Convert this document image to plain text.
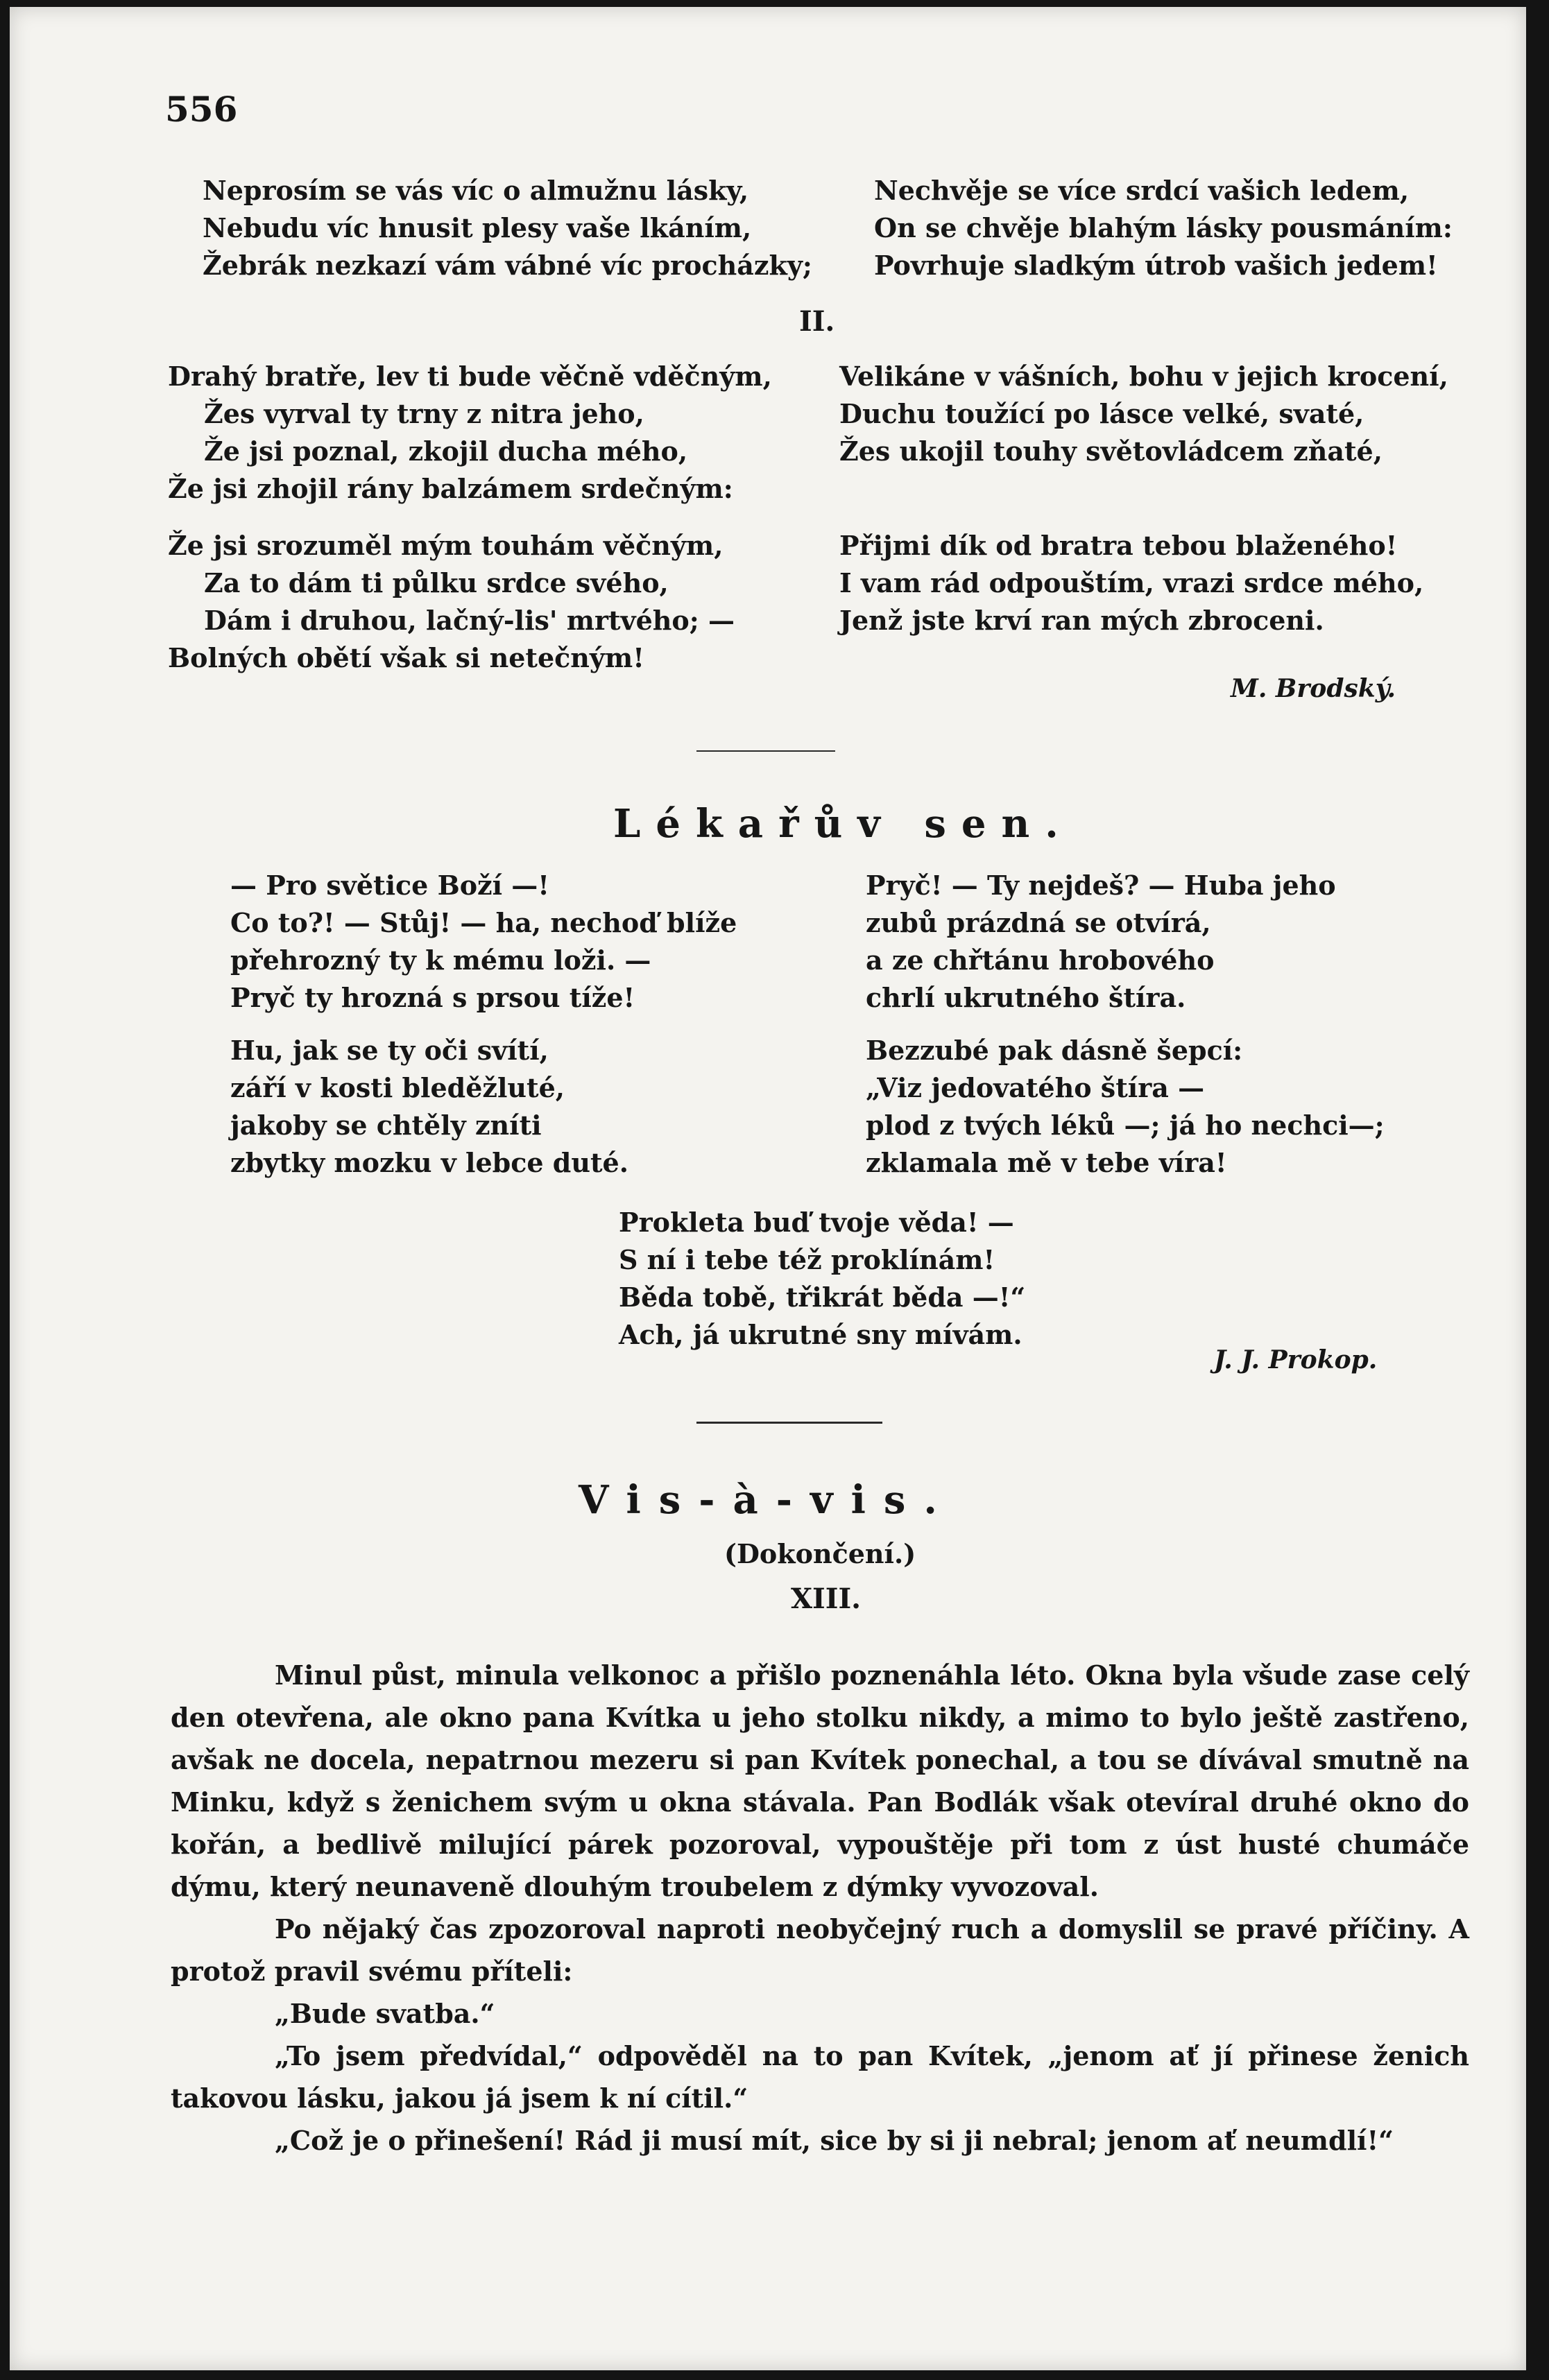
556
Neprosím se vás víc o almužnu lásky,
Nebudu víc hnusit plesy vaše lkáním,
Žebrák nezkazí vám vábné víc procházky;
Nechvěje se více srdcí vašich ledem,
On se chvěje blahým lásky pousmáním:
Povrhuje sladkým útrob vašich jedem!
II.
Drahý bratře, lev ti bude věčně vděčným,
Žes vyrval ty trny z nitra jeho,
Že jsi poznal, zkojil ducha mého,
Že jsi zhojil rány balzámem srdečným:
Že jsi srozuměl mým touhám věčným,
Za to dám ti půlku srdce svého,
Dám i druhou, lačný-lis' mrtvého; —
Bolných obětí však si netečným!
Velikáne v vášních, bohu v jejich krocení,
Duchu toužící po lásce velké, svaté,
Žes ukojil touhy světovládcem zňaté,
Přijmi dík od bratra tebou blaženého!
I vam rád odpouštím, vrazi srdce mého,
Jenž jste krví ran mých zbroceni.
M. Brodský.
Lékařův sen.
— Pro světice Boží —!
Co to?! — Stůj! — ha, nechoď blíže
přehrozný ty k mému loži. —
Pryč ty hrozná s prsou tíže!
Hu, jak se ty oči svítí,
září v kosti bleděžluté,
jakoby se chtěly zníti
zbytky mozku v lebce duté.
Pryč! — Ty nejdeš? — Huba jeho
zubů prázdná se otvírá,
a ze chřtánu hrobového
chrlí ukrutného štíra.
Bezzubé pak dásně šepcí:
„Viz jedovatého štíra —
plod z tvých léků —; já ho nechci—;
zklamala mě v tebe víra!
Prokleta buď tvoje věda! —
S ní i tebe též proklínám!
Běda tobě, třikrát běda —!“
Ach, já ukrutné sny mívám.
J. J. Prokop.
Vis-à-vis.
(Dokončení.)
XIII.

Minul půst, minula velkonoc a přišlo poznenáhla léto. Okna byla všude zase celý den otevřena, ale okno pana Kvítka u jeho stolku nikdy, a mimo to bylo ještě zastřeno, avšak ne docela, nepatrnou mezeru si pan Kvítek ponechal, a tou se dívával smutně na Minku, když s ženichem svým u okna stávala. Pan Bodlák však otevíral druhé okno do kořán, a bedlivě milující párek pozoroval, vypouštěje při tom z úst husté chumáče dýmu, který neunaveně dlouhým troubelem z dýmky vyvozoval.

Po nějaký čas zpozoroval naproti neobyčejný ruch a domyslil se pravé příčiny. A protož pravil svému příteli:

„Bude svatba.“

„To jsem předvídal,“ odpověděl na to pan Kvítek, „jenom ať jí přinese ženich takovou lásku, jakou já jsem k ní cítil.“

„Což je o přinešení! Rád ji musí mít, sice by si ji nebral; jenom ať neumdlí!“
